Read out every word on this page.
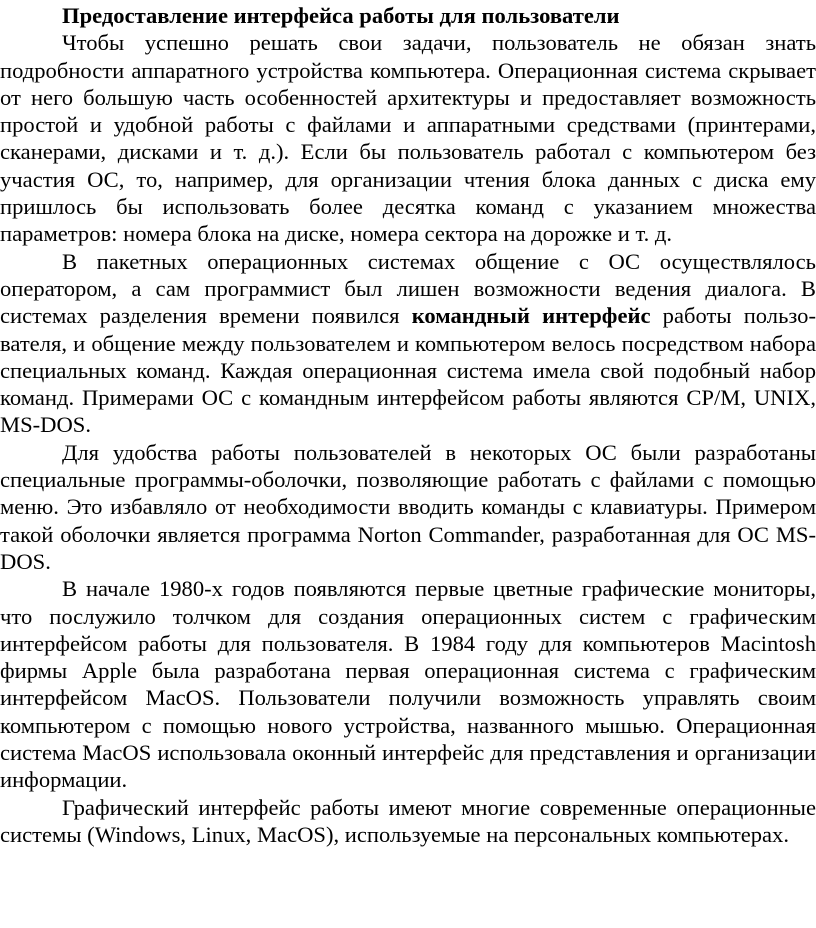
Предоставление интерфейса работы для пользователи

Чтобы успешно решать свои задачи, пользователь не обязан знать подробности аппаратного устройства компьютера. Операционная система скрывает от него большую часть особенностей архитектуры и предоставляет возможность простой и удобной работы с файлами и аппаратными средствами (принтерами, сканерами, дисками и т. д.). Если бы пользователь работал с компьютером без участия ОС, то, например, для организации чтения блока данных с диска ему пришлось бы использовать более десятка команд с указанием множества параметров: номера блока на диске, номера сектора на дорожке и т. д.

В пакетных операционных системах общение с ОС осуществлялось оператором, а сам программист был лишен возможности ведения диалога. В системах разделения времени появился командный интерфейс работы пользователя, и общение между пользователем и компьютером велось посредством набора специальных команд. Каждая операционная система имела свой подобный набор команд. Примерами ОС с командным интерфейсом работы являются CP/M, UNIX, MS-DOS.

Для удобства работы пользователей в некоторых ОС были разработаны специальные программы-оболочки, позволяющие работать с файлами с помощью меню. Это избавляло от необходимости вводить команды с клавиатуры. Примером такой оболочки является программа Norton Commander, разработанная для ОС MS-DOS.

В начале 1980-х годов появляются первые цветные графические мониторы, что послужило толчком для создания операционных систем с графическим интерфейсом работы для пользователя. В 1984 году для компьютеров Macintosh фирмы Apple была разработана первая операционная система с графическим интерфейсом MacOS. Пользователи получили возможность управлять своим компьютером с помощью нового устройства, названного мышью. Операционная система MacOS использовала оконный интерфейс для представления и организации информации.

Графический интерфейс работы имеют многие современные операционные системы (Windows, Linux, MacOS), используемые на персональных компьютерах.
